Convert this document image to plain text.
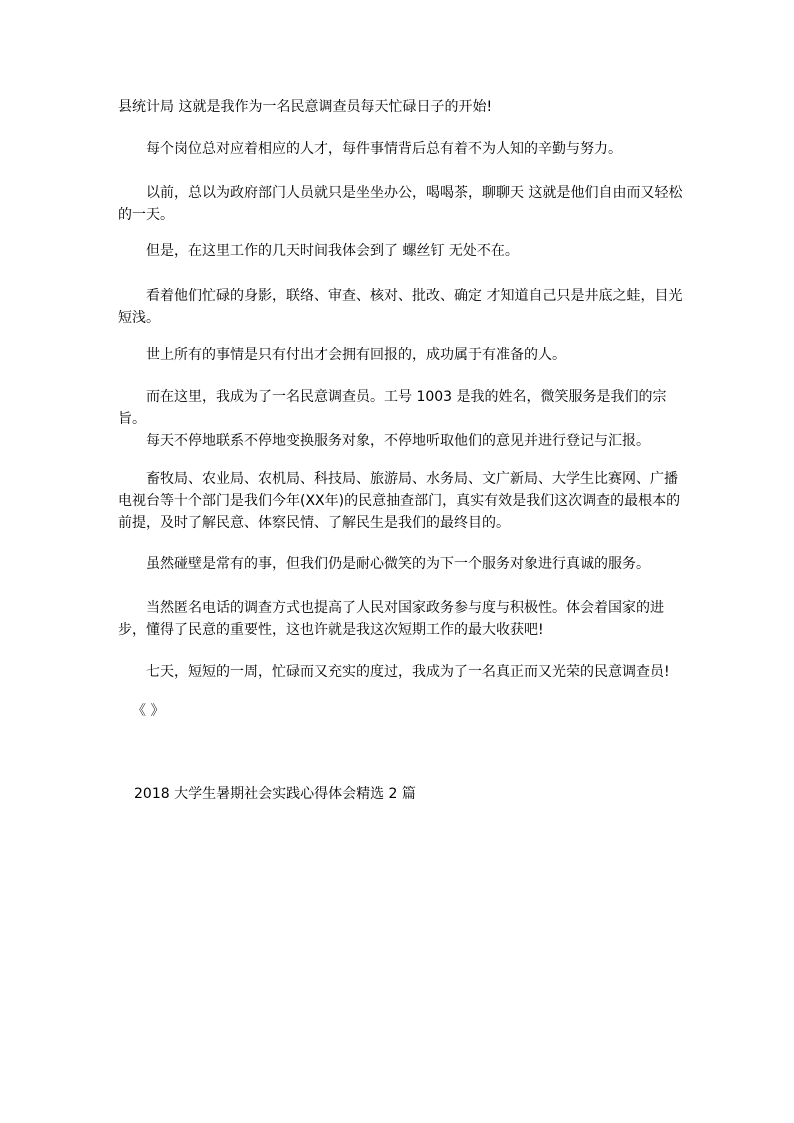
县统计局 这就是我作为一名民意调查员每天忙碌日子的开始!

　　每个岗位总对应着相应的人才，每件事情背后总有着不为人知的辛勤与努力。

　　以前，总以为政府部门人员就只是坐坐办公，喝喝茶，聊聊天 这就是他们自由而又轻松的一天。

　　但是，在这里工作的几天时间我体会到了 螺丝钉 无处不在。

　　看着他们忙碌的身影，联络、审查、核对、批改、确定 才知道自己只是井底之蛙，目光短浅。

　　世上所有的事情是只有付出才会拥有回报的，成功属于有准备的人。

　　而在这里，我成为了一名民意调查员。工号 1003 是我的姓名，微笑服务是我们的宗旨。

　　每天不停地联系不停地变换服务对象，不停地听取他们的意见并进行登记与汇报。

　　畜牧局、农业局、农机局、科技局、旅游局、水务局、文广新局、大学生比赛网、广播电视台等十个部门是我们今年(XX年)的民意抽查部门，真实有效是我们这次调查的最根本的前提，及时了解民意、体察民情、了解民生是我们的最终目的。

　　虽然碰壁是常有的事，但我们仍是耐心微笑的为下一个服务对象进行真诚的服务。

　　当然匿名电话的调查方式也提高了人民对国家政务参与度与积极性。体会着国家的进步，懂得了民意的重要性，这也许就是我这次短期工作的最大收获吧!

　　七天，短短的一周，忙碌而又充实的度过，我成为了一名真正而又光荣的民意调查员!

《 》

2018 大学生暑期社会实践心得体会精选 2 篇
